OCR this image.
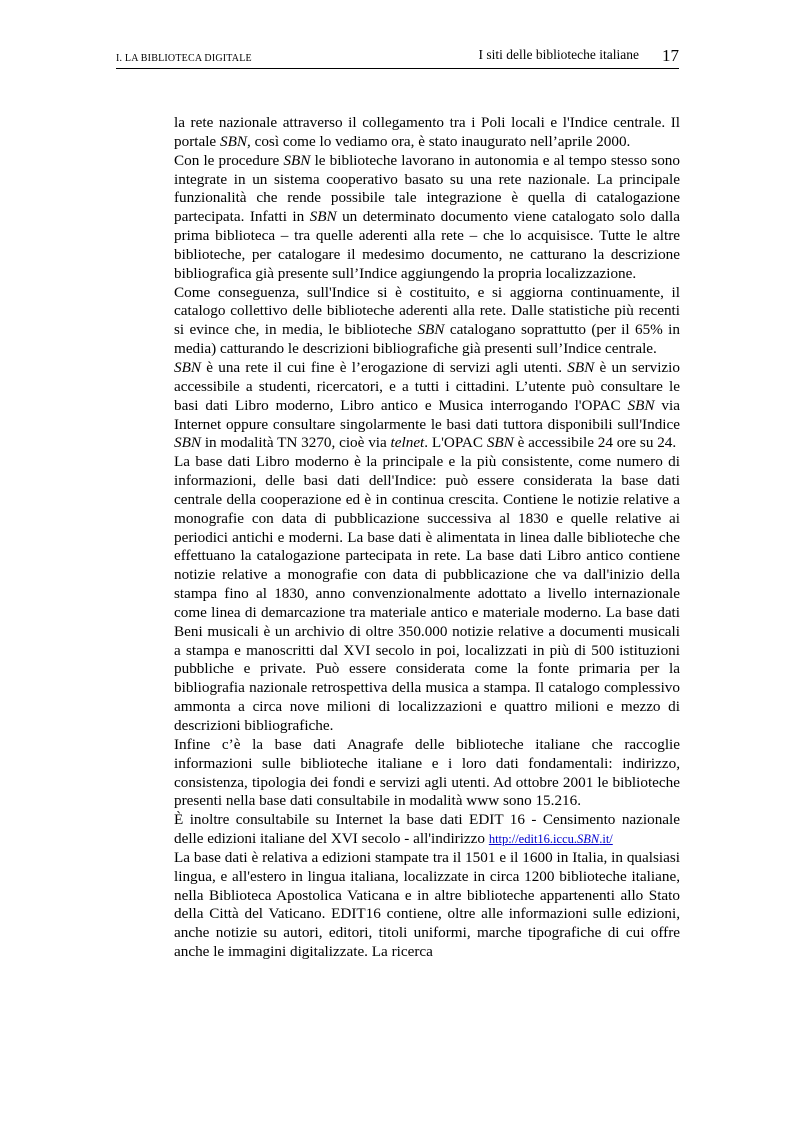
I. LA BIBLIOTECA DIGITALE	I siti delle biblioteche italiane 17

la rete nazionale attraverso il collegamento tra i Poli locali e l'Indice centrale. Il portale SBN, così come lo vediamo ora, è stato inaugurato nell’aprile 2000.

Con le procedure SBN le biblioteche lavorano in autonomia e al tempo stesso sono integrate in un sistema cooperativo basato su una rete nazionale. La principale funzionalità che rende possibile tale integrazione è quella di catalogazione partecipata. Infatti in SBN un determinato documento viene catalogato solo dalla prima biblioteca – tra quelle aderenti alla rete – che lo acquisisce. Tutte le altre biblioteche, per catalogare il medesimo documento, ne catturano la descrizione bibliografica già presente sull’Indice aggiungendo la propria localizzazione.

Come conseguenza, sull'Indice si è costituito, e si aggiorna continuamente, il catalogo collettivo delle biblioteche aderenti alla rete. Dalle statistiche più recenti si evince che, in media, le biblioteche SBN catalogano soprattutto (per il 65% in media) catturando le descrizioni bibliografiche già presenti sull’Indice centrale.

SBN è una rete il cui fine è l’erogazione di servizi agli utenti. SBN è un servizio accessibile a studenti, ricercatori, e a tutti i cittadini. L’utente può consultare le basi dati Libro moderno, Libro antico e Musica interrogando l'OPAC SBN via Internet oppure consultare singolarmente le basi dati tuttora disponibili sull'Indice SBN in modalità TN 3270, cioè via telnet. L'OPAC SBN è accessibile 24 ore su 24.

La base dati Libro moderno è la principale e la più consistente, come numero di informazioni, delle basi dati dell'Indice: può essere considerata la base dati centrale della cooperazione ed è in continua crescita. Contiene le notizie relative a monografie con data di pubblicazione successiva al 1830 e quelle relative ai periodici antichi e moderni. La base dati è alimentata in linea dalle biblioteche che effettuano la catalogazione partecipata in rete. La base dati Libro antico contiene notizie relative a monografie con data di pubblicazione che va dall'inizio della stampa fino al 1830, anno convenzionalmente adottato a livello internazionale come linea di demarcazione tra materiale antico e materiale moderno. La base dati Beni musicali è un archivio di oltre 350.000 notizie relative a documenti musicali a stampa e manoscritti dal XVI secolo in poi, localizzati in più di 500 istituzioni pubbliche e private. Può essere considerata come la fonte primaria per la bibliografia nazionale retrospettiva della musica a stampa. Il catalogo complessivo ammonta a circa nove milioni di localizzazioni e quattro milioni e mezzo di descrizioni bibliografiche.

Infine c’è la base dati Anagrafe delle biblioteche italiane che raccoglie informazioni sulle biblioteche italiane e i loro dati fondamentali: indirizzo, consistenza, tipologia dei fondi e servizi agli utenti. Ad ottobre 2001 le biblioteche presenti nella base dati consultabile in modalità www sono 15.216.

È inoltre consultabile su Internet la base dati EDIT 16 - Censimento nazionale delle edizioni italiane del XVI secolo - all'indirizzo http://edit16.iccu.SBN.it/

La base dati è relativa a edizioni stampate tra il 1501 e il 1600 in Italia, in qualsiasi lingua, e all'estero in lingua italiana, localizzate in circa 1200 biblioteche italiane, nella Biblioteca Apostolica Vaticana e in altre biblioteche appartenenti allo Stato della Città del Vaticano. EDIT16 contiene, oltre alle informazioni sulle edizioni, anche notizie su autori, editori, titoli uniformi, marche tipografiche di cui offre anche le immagini digitalizzate. La ricerca
